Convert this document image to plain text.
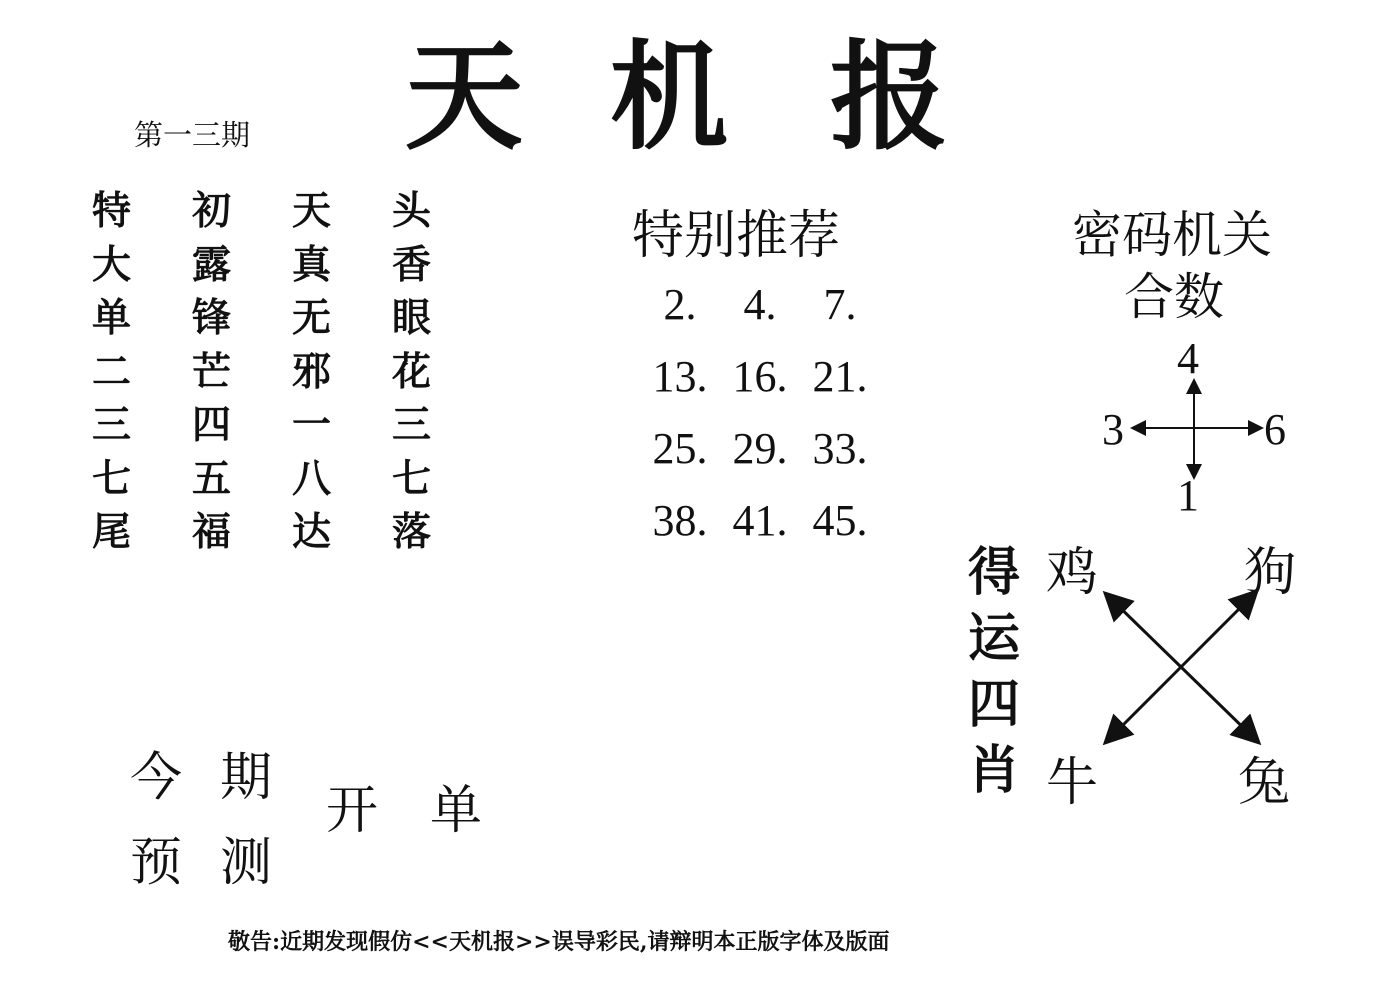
天 机 报
第一三期
特	初	天	头
大	露	真	香
单	锋	无	眼
二	芒	邪	花
三	四	一	三
七	五	八	七
尾	福	达	落
特别推荐
2.	4.	7.
13. 16. 21.
25. 29. 33.
38. 41. 45.
密码机关
合数
4
3	6
1
得
运
四
肖
鸡	狗
牛	兔
今期
预测
开单
敬告:近期发现假仿<<天机报>>误导彩民,请辩明本正版字体及版面
